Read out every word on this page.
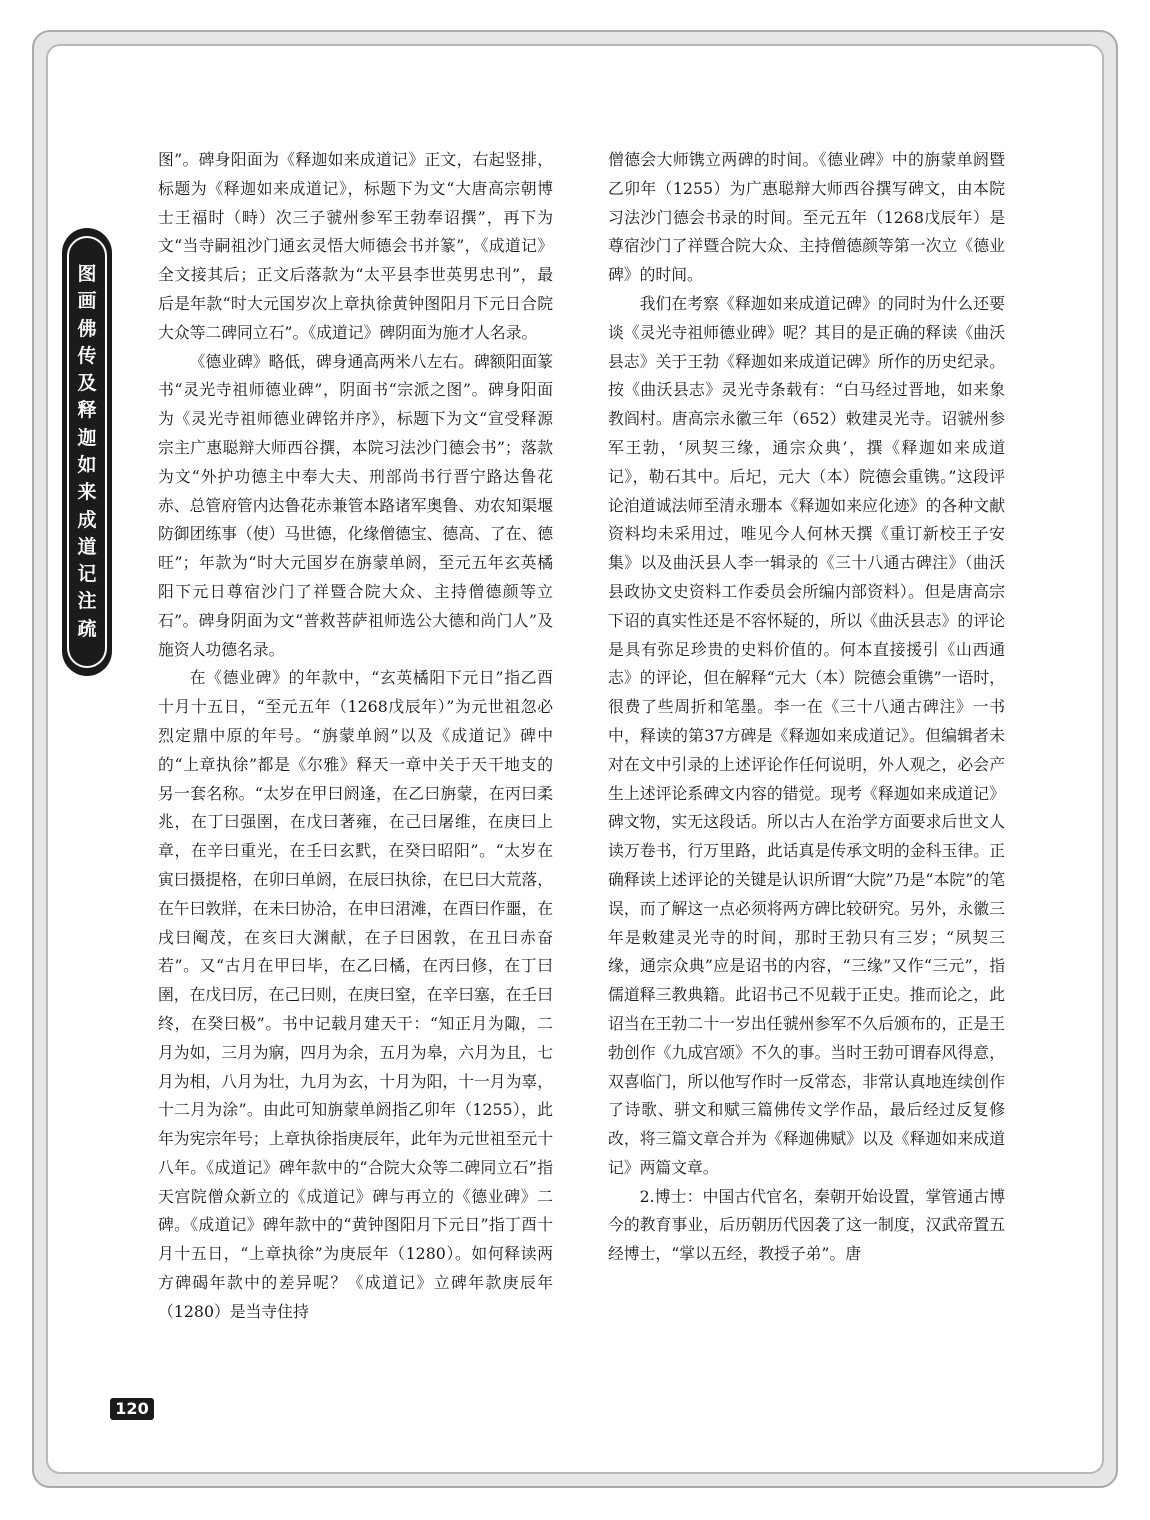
图画佛传及释迦如来成道记注疏

图”。碑身阳面为《释迦如来成道记》正文，右起竖排，标题为《释迦如来成道记》，标题下为文“大唐高宗朝博士王福时（畤）次三子虢州参军王勃奉诏撰”，再下为文“当寺嗣祖沙门通玄灵悟大师德会书并篆”，《成道记》全文接其后；正文后落款为“太平县李世英男忠刊”，最后是年款“时大元国岁次上章执徐黄钟图阳月下元日合院大众等二碑同立石”。《成道记》碑阴面为施才人名录。

《德业碑》略低，碑身通高两米八左右。碑额阳面篆书“灵光寺祖师德业碑”，阴面书“宗派之图”。碑身阳面为《灵光寺祖师德业碑铭并序》，标题下为文“宣受释源宗主广惠聪辩大师西谷撰，本院习法沙门德会书”；落款为文“外护功德主中奉大夫、刑部尚书行晋宁路达鲁花赤、总管府管内达鲁花赤兼管本路诸军奥鲁、劝农知渠堰防御团练事（使）马世德，化缘僧德宝、德高、了在、德旺”；年款为“时大元国岁在旃蒙单阏，至元五年玄英橘阳下元日尊宿沙门了祥暨合院大众、主持僧德颜等立石”。碑身阴面为文“普救菩萨祖师选公大德和尚门人”及施资人功德名录。

在《德业碑》的年款中，“玄英橘阳下元日”指乙酉十月十五日，“至元五年（1268戊辰年）”为元世祖忽必烈定鼎中原的年号。“旃蒙单阏”以及《成道记》碑中的“上章执徐”都是《尔雅》释天一章中关于天干地支的另一套名称。“太岁在甲曰阏逢，在乙曰旃蒙，在丙曰柔兆，在丁曰强圉，在戊曰著雍，在己曰屠维，在庚曰上章，在辛曰重光，在壬曰玄黓，在癸曰昭阳”。“太岁在寅曰摄提格，在卯曰单阏，在辰曰执徐，在巳曰大荒落，在午曰敦牂，在未曰协洽，在申曰涒滩，在酉曰作噩，在戌曰阉茂，在亥曰大渊献，在子曰困敦，在丑曰赤奋若”。又“古月在甲曰毕，在乙曰橘，在丙曰修，在丁曰圉，在戊曰厉，在己曰则，在庚曰窒，在辛曰塞，在壬曰终，在癸曰极”。书中记载月建天干：“知正月为陬，二月为如，三月为寎，四月为余，五月为皋，六月为且，七月为相，八月为壮，九月为玄，十月为阳，十一月为辜，十二月为涂”。由此可知旃蒙单阏指乙卯年（1255），此年为宪宗年号；上章执徐指庚辰年，此年为元世祖至元十八年。《成道记》碑年款中的“合院大众等二碑同立石”指天宫院僧众新立的《成道记》碑与再立的《德业碑》二碑。《成道记》碑年款中的“黄钟图阳月下元日”指丁酉十月十五日，“上章执徐”为庚辰年（1280）。如何释读两方碑碣年款中的差异呢？《成道记》立碑年款庚辰年（1280）是当寺住持

僧德会大师镌立两碑的时间。《德业碑》中的旃蒙单阏暨乙卯年（1255）为广惠聪辩大师西谷撰写碑文，由本院习法沙门德会书录的时间。至元五年（1268戊辰年）是尊宿沙门了祥暨合院大众、主持僧德颜等第一次立《德业碑》的时间。

我们在考察《释迦如来成道记碑》的同时为什么还要谈《灵光寺祖师德业碑》呢？其目的是正确的释读《曲沃县志》关于王勃《释迦如来成道记碑》所作的历史纪录。按《曲沃县志》灵光寺条载有：“白马经过晋地，如来象教阎村。唐高宗永徽三年（652）敕建灵光寺。诏虢州参军王勃，‘夙契三缘，通宗众典’，撰《释迦如来成道记》，勒石其中。后圮，元大（本）院德会重镌。”这段评论洎道诚法师至清永珊本《释迦如来应化迹》的各种文献资料均未采用过，唯见今人何林天撰《重订新校王子安集》以及曲沃县人李一辑录的《三十八通古碑注》（曲沃县政协文史资料工作委员会所编内部资料）。但是唐高宗下诏的真实性还是不容怀疑的，所以《曲沃县志》的评论是具有弥足珍贵的史料价值的。何本直接援引《山西通志》的评论，但在解释“元大（本）院德会重镌”一语时，很费了些周折和笔墨。李一在《三十八通古碑注》一书中，释读的第37方碑是《释迦如来成道记》。但编辑者未对在文中引录的上述评论作任何说明，外人观之，必会产生上述评论系碑文内容的错觉。现考《释迦如来成道记》碑文物，实无这段话。所以古人在治学方面要求后世文人读万卷书，行万里路，此话真是传承文明的金科玉律。正确释读上述评论的关键是认识所谓“大院”乃是“本院”的笔误，而了解这一点必须将两方碑比较研究。另外，永徽三年是敕建灵光寺的时间，那时王勃只有三岁；“夙契三缘，通宗众典”应是诏书的内容，“三缘”又作“三元”，指儒道释三教典籍。此诏书己不见载于正史。推而论之，此诏当在王勃二十一岁出任虢州参军不久后颁布的，正是王勃创作《九成宫颂》不久的事。当时王勃可谓春风得意，双喜临门，所以他写作时一反常态，非常认真地连续创作了诗歌、骈文和赋三篇佛传文学作品，最后经过反复修改，将三篇文章合并为《释迦佛赋》以及《释迦如来成道记》两篇文章。

2.博士：中国古代官名，秦朝开始设置，掌管通古博今的教育事业，后历朝历代因袭了这一制度，汉武帝置五经博士，“掌以五经，教授子弟”。唐

120
